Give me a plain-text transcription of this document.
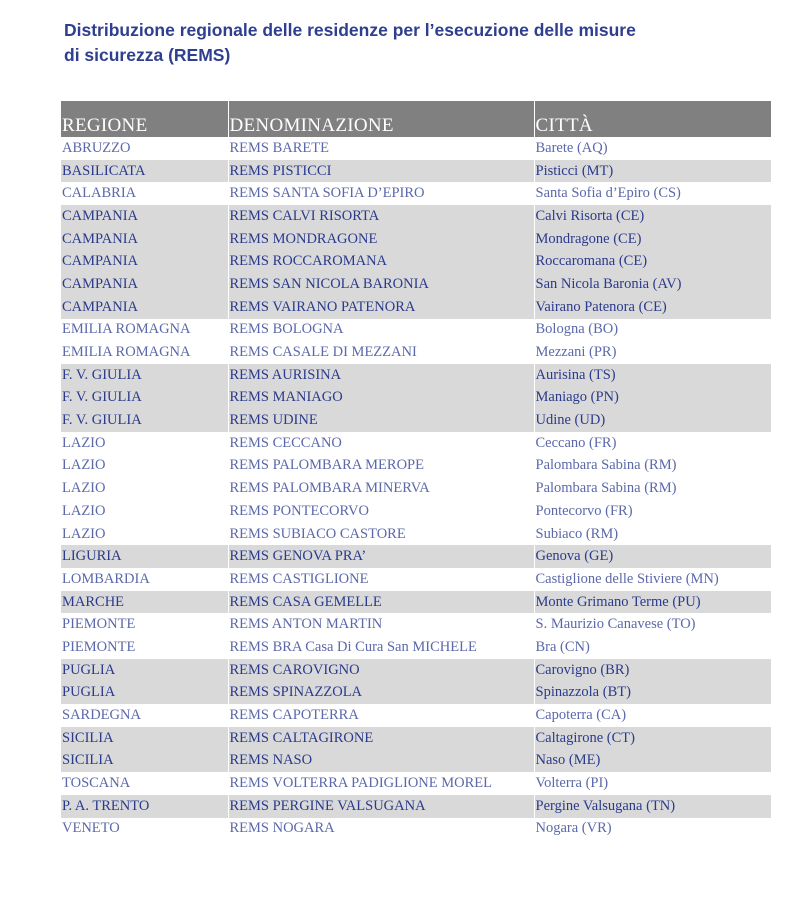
Distribuzione regionale delle residenze per l’esecuzione delle misure
di sicurezza (REMS)
REGIONE	DENOMINAZIONE	CITTÀ
ABRUZZO	REMS BARETE	Barete (AQ)
BASILICATA	REMS PISTICCI	Pisticci (MT)
CALABRIA	REMS SANTA SOFIA D’EPIRO	Santa Sofia d’Epiro (CS)
CAMPANIA	REMS CALVI RISORTA	Calvi Risorta (CE)
CAMPANIA	REMS MONDRAGONE	Mondragone (CE)
CAMPANIA	REMS ROCCAROMANA	Roccaromana (CE)
CAMPANIA	REMS SAN NICOLA BARONIA	San Nicola Baronia (AV)
CAMPANIA	REMS VAIRANO PATENORA	Vairano Patenora (CE)
EMILIA ROMAGNA	REMS BOLOGNA	Bologna (BO)
EMILIA ROMAGNA	REMS CASALE DI MEZZANI	Mezzani (PR)
F. V. GIULIA	REMS AURISINA	Aurisina (TS)
F. V. GIULIA	REMS MANIAGO	Maniago (PN)
F. V. GIULIA	REMS UDINE	Udine (UD)
LAZIO	REMS CECCANO	Ceccano (FR)
LAZIO	REMS PALOMBARA MEROPE	Palombara Sabina (RM)
LAZIO	REMS PALOMBARA MINERVA	Palombara Sabina (RM)
LAZIO	REMS PONTECORVO	Pontecorvo (FR)
LAZIO	REMS SUBIACO CASTORE	Subiaco (RM)
LIGURIA	REMS GENOVA PRA’	Genova (GE)
LOMBARDIA	REMS CASTIGLIONE	Castiglione delle Stiviere (MN)
MARCHE	REMS CASA GEMELLE	Monte Grimano Terme (PU)
PIEMONTE	REMS ANTON MARTIN	S. Maurizio Canavese (TO)
PIEMONTE	REMS BRA Casa Di Cura San MICHELE	Bra (CN)
PUGLIA	REMS CAROVIGNO	Carovigno (BR)
PUGLIA	REMS SPINAZZOLA	Spinazzola (BT)
SARDEGNA	REMS CAPOTERRA	Capoterra (CA)
SICILIA	REMS CALTAGIRONE	Caltagirone (CT)
SICILIA	REMS NASO	Naso (ME)
TOSCANA	REMS VOLTERRA PADIGLIONE MOREL	Volterra (PI)
P. A. TRENTO	REMS PERGINE VALSUGANA	Pergine Valsugana (TN)
VENETO	REMS NOGARA	Nogara (VR)
